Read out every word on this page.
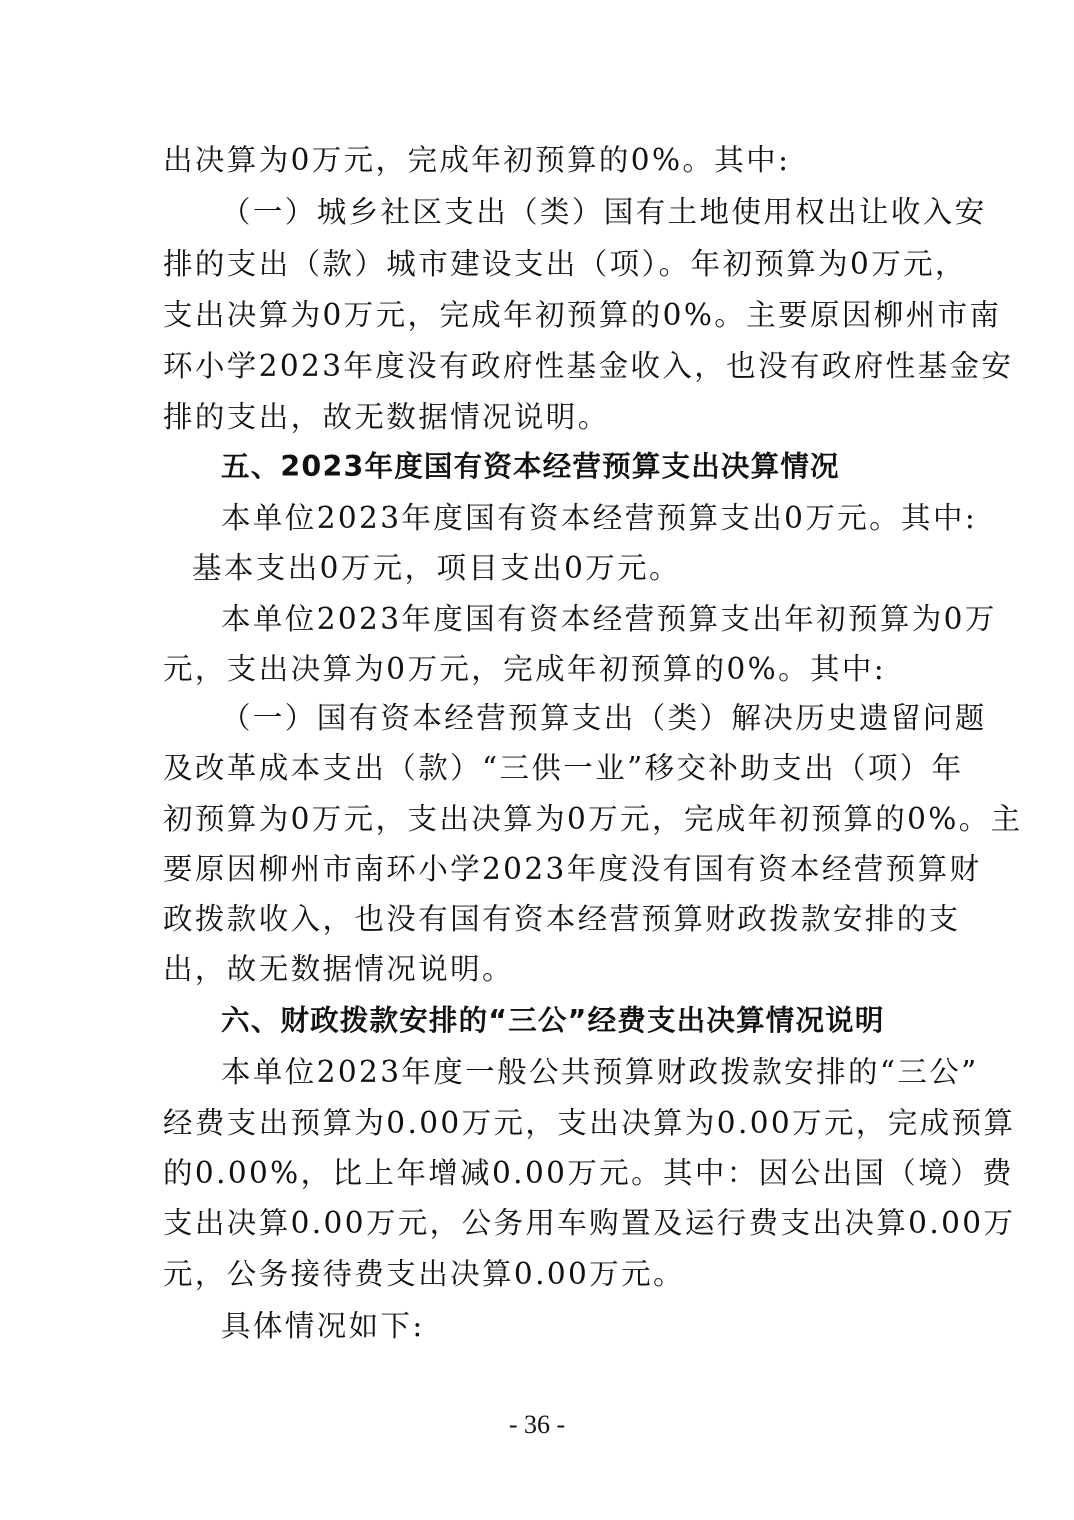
出决算为0万元，完成年初预算的0%。其中:
（一）城乡社区支出（类）国有土地使用权出让收入安
排的支出（款）城市建设支出（项）。年初预算为0万元，
支出决算为0万元，完成年初预算的0%。主要原因柳州市南
环小学2023年度没有政府性基金收入，也没有政府性基金安
排的支出，故无数据情况说明。
五、2023年度国有资本经营预算支出决算情况
本单位2023年度国有资本经营预算支出0万元。其中:
基本支出0万元，项目支出0万元。
本单位2023年度国有资本经营预算支出年初预算为0万
元，支出决算为0万元，完成年初预算的0%。其中:
（一）国有资本经营预算支出（类）解决历史遗留问题
及改革成本支出（款）“三供一业”移交补助支出（项）年
初预算为0万元，支出决算为0万元，完成年初预算的0%。主
要原因柳州市南环小学2023年度没有国有资本经营预算财
政拨款收入，也没有国有资本经营预算财政拨款安排的支
出，故无数据情况说明。
六、财政拨款安排的“三公”经费支出决算情况说明
本单位2023年度一般公共预算财政拨款安排的“三公”
经费支出预算为0.00万元，支出决算为0.00万元，完成预算
的0.00%，比上年增减0.00万元。其中：因公出国（境）费
支出决算0.00万元，公务用车购置及运行费支出决算0.00万
元，公务接待费支出决算0.00万元。
具体情况如下:
- 36 -
